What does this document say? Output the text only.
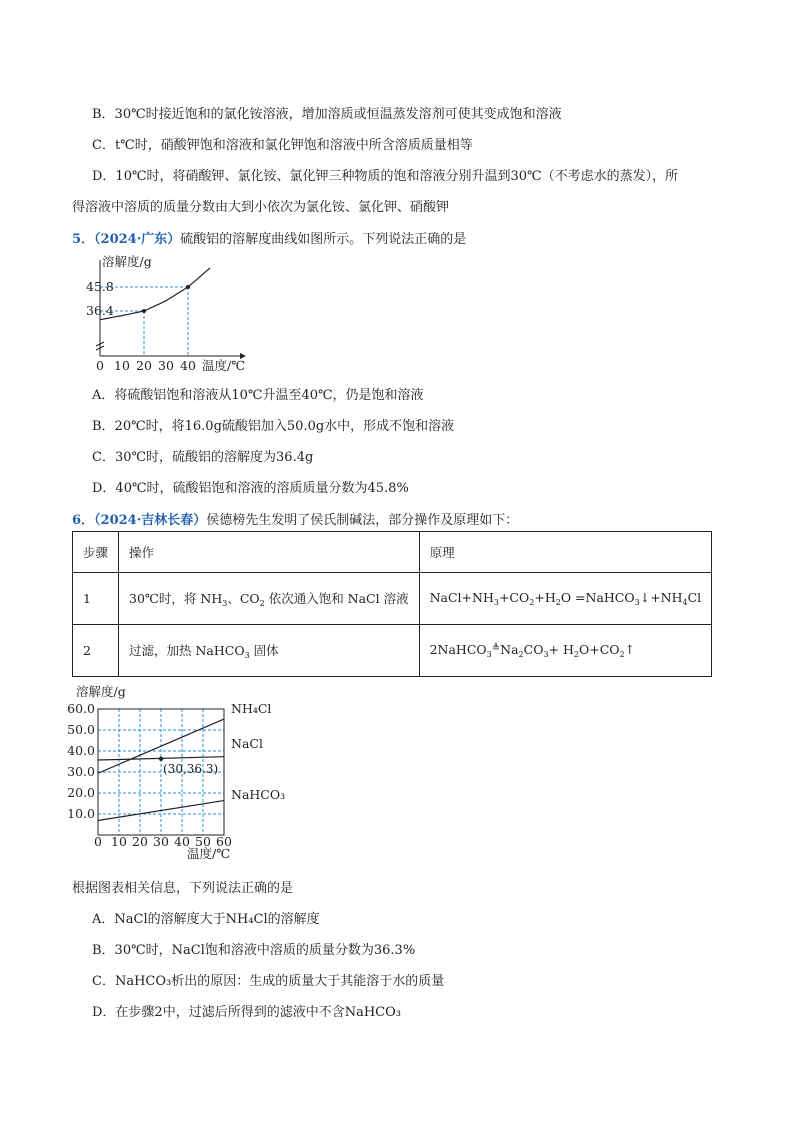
B．30℃时接近饱和的氯化铵溶液，增加溶质或恒温蒸发溶剂可使其变成饱和溶液
C．t℃时，硝酸钾饱和溶液和氯化钾饱和溶液中所含溶质质量相等
D．10℃时，将硝酸钾、氯化铵、氯化钾三种物质的饱和溶液分别升温到30℃（不考虑水的蒸发），所
得溶液中溶质的质量分数由大到小依次为氯化铵、氯化钾、硝酸钾
5．（2024·广东）硫酸铝的溶解度曲线如图所示。下列说法正确的是
溶解度/g
温度/℃
0 10 20 30 40
36.4
45.8
A．将硫酸铝饱和溶液从10℃升温至40℃，仍是饱和溶液
B．20℃时，将16.0g硫酸铝加入50.0g水中，形成不饱和溶液
C．30℃时，硫酸铝的溶解度为36.4g
D．40℃时，硫酸铝饱和溶液的溶质质量分数为45.8%
6．（2024·吉林长春）侯德榜先生发明了侯氏制碱法，部分操作及原理如下：
步骤	操作	原理
1	30℃时，将 $NH_3$、$CO_2$ 依次通入饱和 NaCl 溶液	$NaCl+NH_3+CO_2+H_2O$ $=NaHCO_3↓+NH_4Cl$
2	过滤，加热 NaHCO$_3$ 固体	$2NaHCO_3^≜Na_2CO_3+$ $H_2O+CO_2↑$
(30,36.3)
溶解度/g
温度/℃
0 10 20 30 40 50 60
10.0
20.0
30.0
40.0
50.0
60.0	NH₄Cl
NaCl
NaHCO₃
根据图表相关信息，下列说法正确的是
A．NaCl的溶解度大于NH₄Cl的溶解度
B．30℃时，NaCl饱和溶液中溶质的质量分数为36.3%
C．NaHCO₃析出的原因：生成的质量大于其能溶于水的质量
D．在步骤2中，过滤后所得到的滤液中不含NaHCO₃
